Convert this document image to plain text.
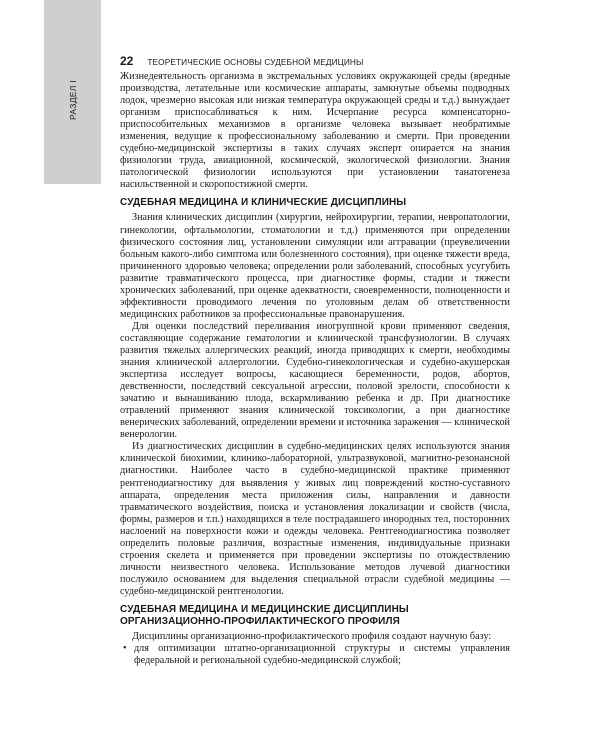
РАЗДЕЛ I
22 ТЕОРЕТИЧЕСКИЕ ОСНОВЫ СУДЕБНОЙ МЕДИЦИНЫ

Жизнедеятельность организма в экстремальных условиях окружающей среды (вредные производства, летательные или космические аппараты, замкнутые объемы подводных лодок, чрезмерно высокая или низкая температура окружающей среды и т.д.) вынуждает организм приспосабливаться к ним. Исчерпание ресурса компенсаторно-приспособительных механизмов в организме человека вызывает необратимые изменения, ведущие к профессиональному заболеванию и смерти. При проведении судебно-медицинской экспертизы в таких случаях эксперт опирается на знания физиологии труда, авиационной, космической, экологической физиологии. Знания патологической физиологии используются при установлении танатогенеза насильственной и скоропостижной смерти.

СУДЕБНАЯ МЕДИЦИНА И КЛИНИЧЕСКИЕ ДИСЦИПЛИНЫ

Знания клинических дисциплин (хирургии, нейрохирургии, терапии, невропатологии, гинекологии, офтальмологии, стоматологии и т.д.) применяются при определении физического состояния лиц, установлении симуляции или аггравации (преувеличении больным какого-либо симптома или болезненного состояния), при оценке тяжести вреда, причиненного здоровью человека; определении роли заболеваний, способных усугубить развитие травматического процесса, при диагностике формы, стадии и тяжести хронических заболеваний, при оценке адекватности, своевременности, полноценности и эффективности проводимого лечения по уголовным делам об ответственности медицинских работников за профессиональные правонарушения.

Для оценки последствий переливания иногруппной крови применяют сведения, составляющие содержание гематологии и клинической трансфузиологии. В случаях развития тяжелых аллергических реакций, иногда приводящих к смерти, необходимы знания клинической аллергологии. Судебно-гинекологическая и судебно-акушерская экспертиза исследует вопросы, касающиеся беременности, родов, абортов, девственности, последствий сексуальной агрессии, половой зрелости, способности к зачатию и вынашиванию плода, вскармливанию ребенка и др. При диагностике отравлений применяют знания клинической токсикологии, а при диагностике венерических заболеваний, определении времени и источника заражения — клинической венерологии.

Из диагностических дисциплин в судебно-медицинских целях используются знания клинической биохимии, клинико-лабораторной, ультразвуковой, магнитно-резонансной диагностики. Наиболее часто в судебно-медицинской практике применяют рентгенодиагностику для выявления у живых лиц повреждений костно-суставного аппарата, определения места приложения силы, направления и давности травматического воздействия, поиска и установления локализации и свойств (числа, формы, размеров и т.п.) находящихся в теле пострадавшего инородных тел, посторонних наслоений на поверхности кожи и одежды человека. Рентгенодиагностика позволяет определить половые различия, возрастные изменения, индивидуальные признаки строения скелета и применяется при проведении экспертизы по отождествлению личности неизвестного человека. Использование методов лучевой диагностики послужило основанием для выделения специальной отрасли судебной медицины — судебно-медицинской рентгенологии.

СУДЕБНАЯ МЕДИЦИНА И МЕДИЦИНСКИЕ ДИСЦИПЛИНЫ ОРГАНИЗАЦИОННО-ПРОФИЛАКТИЧЕСКОГО ПРОФИЛЯ

Дисциплины организационно-профилактического профиля создают научную базу:

• для оптимизации штатно-организационной структуры и системы управления федеральной и региональной судебно-медицинской службой;
